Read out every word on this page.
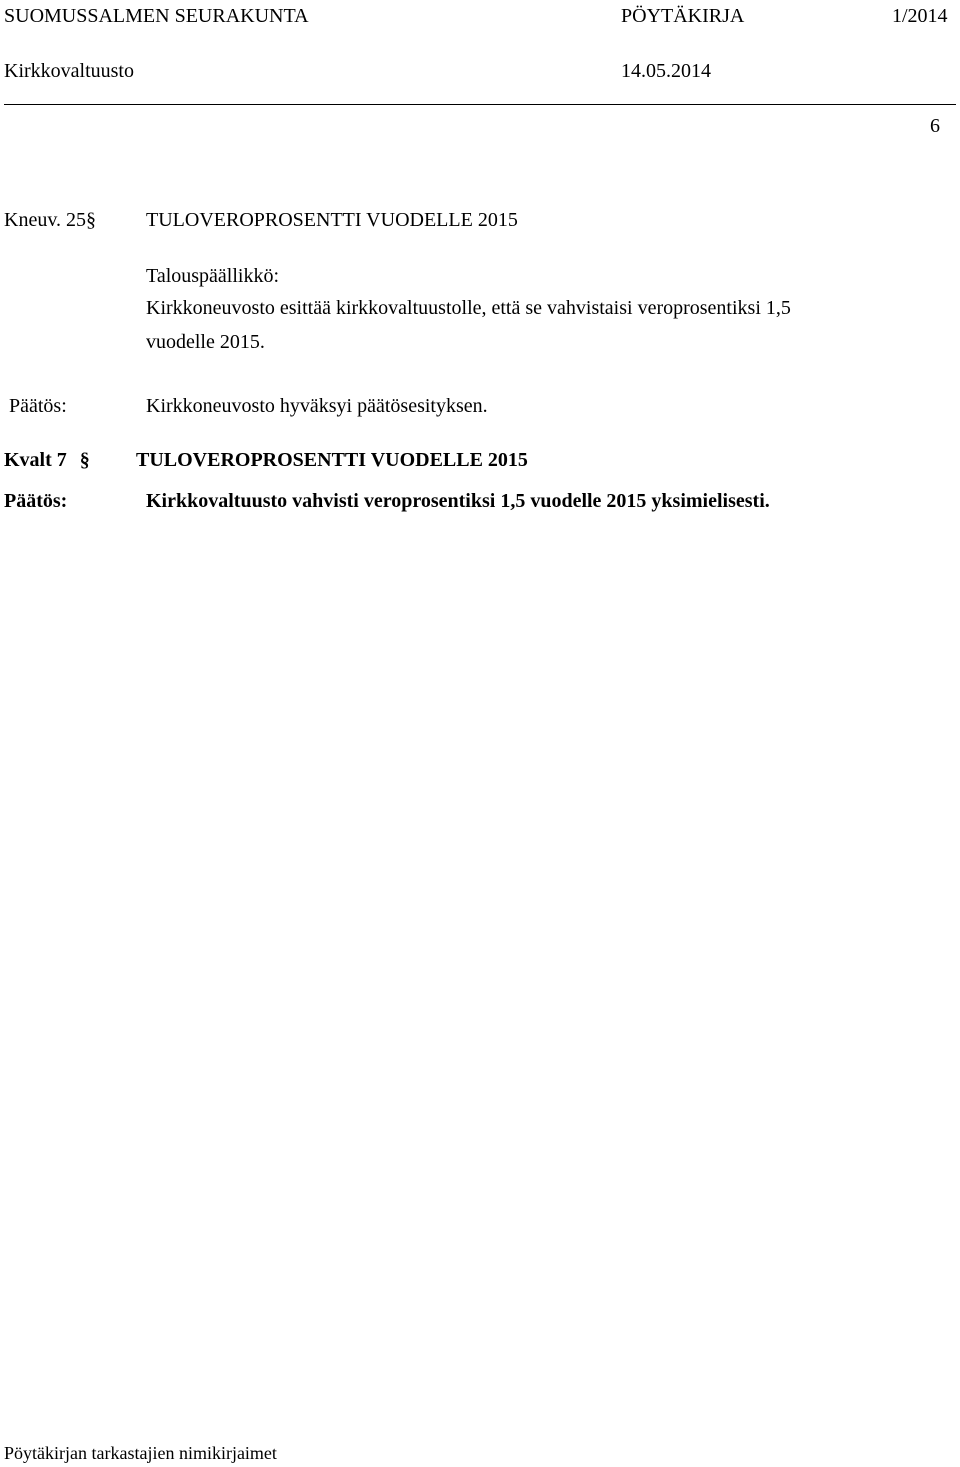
SUOMUSSALMEN SEURAKUNTA	PÖYTÄKIRJA	1/2014
Kirkkovaltuusto	14.05.2014
6
Kneuv. 25§ TULOVEROPROSENTTI VUODELLE 2015
Talouspäällikkö:
Kirkkoneuvosto esittää kirkkovaltuustolle, että se vahvistaisi veroprosentiksi 1,5
vuodelle 2015.
Päätös:	Kirkkoneuvosto hyväksyi päätösesityksen.
Kvalt 7 § TULOVEROPROSENTTI VUODELLE 2015
Päätös:	Kirkkovaltuusto vahvisti veroprosentiksi 1,5 vuodelle 2015 yksimielisesti.
Pöytäkirjan tarkastajien nimikirjaimet
